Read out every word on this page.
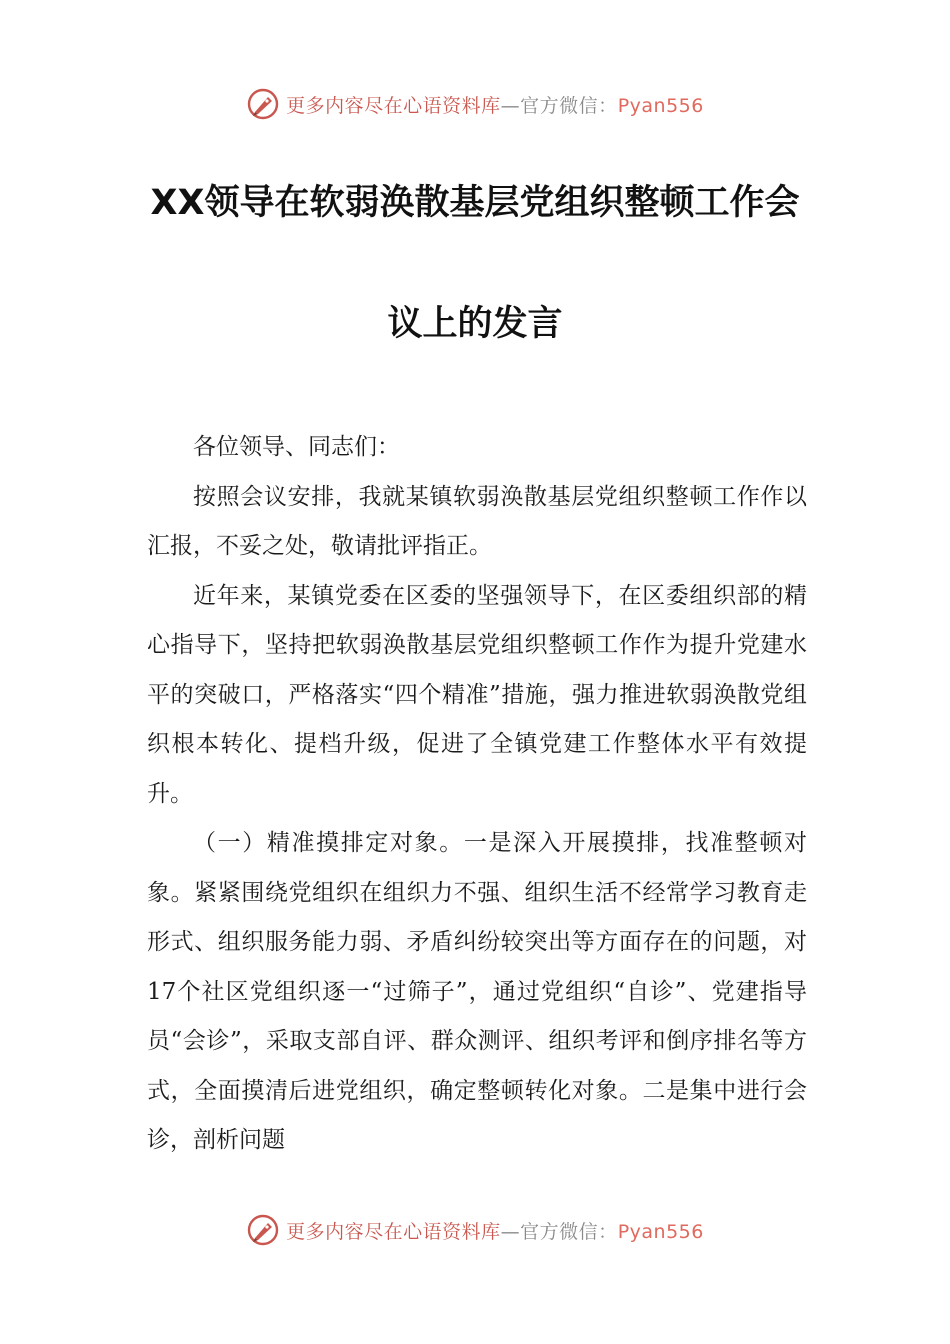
更多内容尽在心语资料库—官方微信：Pyan556
XX领导在软弱涣散基层党组织整顿工作会
议上的发言

各位领导、同志们：

按照会议安排，我就某镇软弱涣散基层党组织整顿工作作以汇报，不妥之处，敬请批评指正。

近年来，某镇党委在区委的坚强领导下，在区委组织部的精心指导下，坚持把软弱涣散基层党组织整顿工作作为提升党建水平的突破口，严格落实“四个精准”措施，强力推进软弱涣散党组织根本转化、提档升级，促进了全镇党建工作整体水平有效提升。

（一）精准摸排定对象。一是深入开展摸排，找准整顿对象。紧紧围绕党组织在组织力不强、组织生活不经常学习教育走形式、组织服务能力弱、矛盾纠纷较突出等方面存在的问题，对17个社区党组织逐一“过筛子”，通过党组织“自诊”、党建指导员“会诊”，采取支部自评、群众测评、组织考评和倒序排名等方式，全面摸清后进党组织，确定整顿转化对象。二是集中进行会诊，剖析问题

更多内容尽在心语资料库—官方微信：Pyan556
